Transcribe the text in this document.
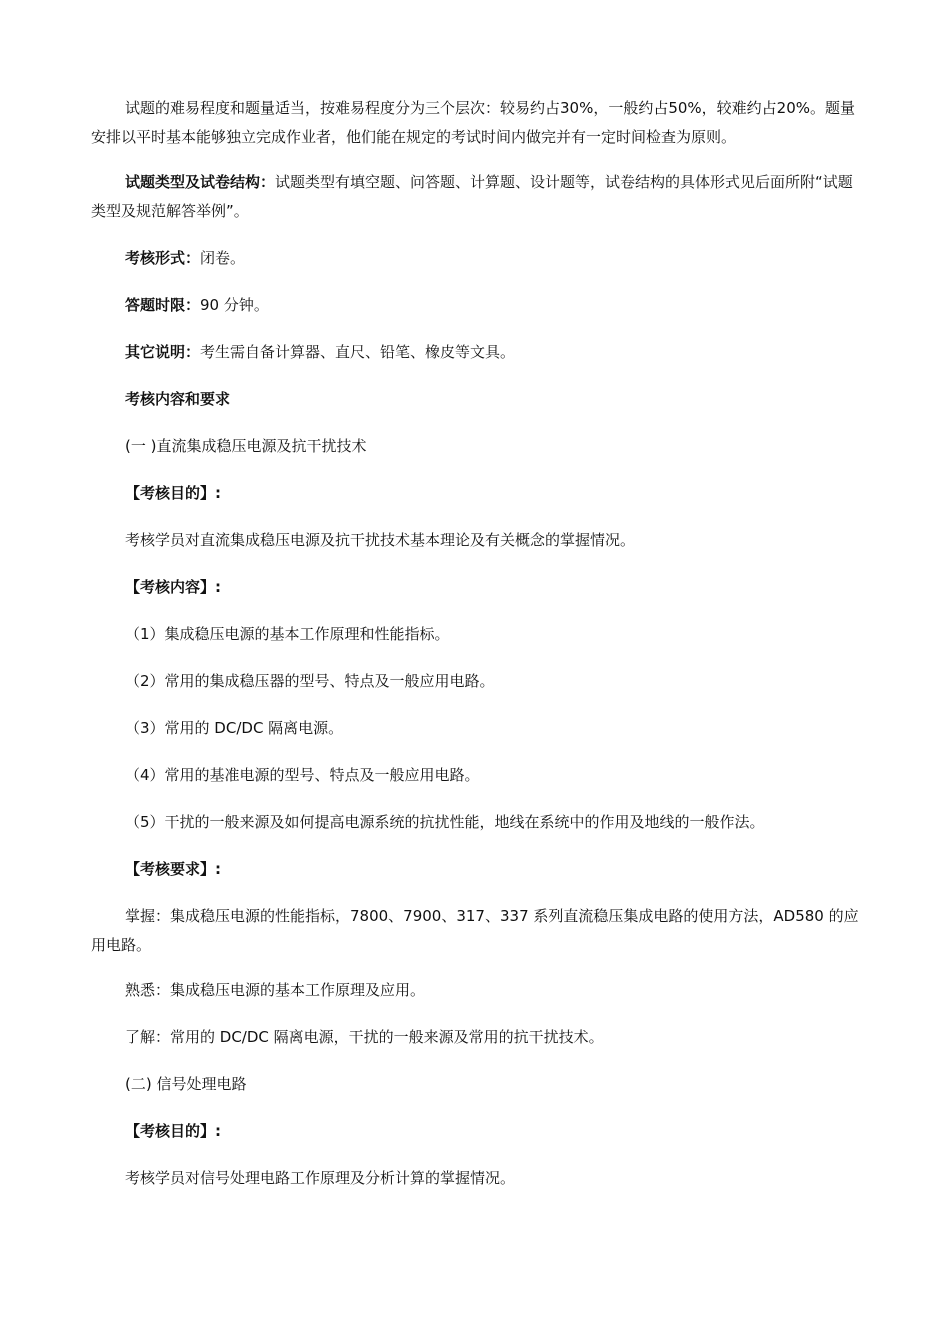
试题的难易程度和题量适当，按难易程度分为三个层次：较易约占30%，一般约占50%，较难约占20%。题量安排以平时基本能够独立完成作业者，他们能在规定的考试时间内做完并有一定时间检查为原则。

试题类型及试卷结构：试题类型有填空题、问答题、计算题、设计题等，试卷结构的具体形式见后面所附“试题类型及规范解答举例”。

考核形式：闭卷。

答题时限：90 分钟。

其它说明：考生需自备计算器、直尺、铅笔、橡皮等文具。

考核内容和要求

(一 )直流集成稳压电源及抗干扰技术

【考核目的】:

考核学员对直流集成稳压电源及抗干扰技术基本理论及有关概念的掌握情况。

【考核内容】:

（1）集成稳压电源的基本工作原理和性能指标。

（2）常用的集成稳压器的型号、特点及一般应用电路。

（3）常用的 DC/DC 隔离电源。

（4）常用的基准电源的型号、特点及一般应用电路。

（5）干扰的一般来源及如何提高电源系统的抗扰性能，地线在系统中的作用及地线的一般作法。

【考核要求】:

掌握：集成稳压电源的性能指标，7800、7900、317、337 系列直流稳压集成电路的使用方法，AD580 的应用电路。

熟悉：集成稳压电源的基本工作原理及应用。

了解：常用的 DC/DC 隔离电源，干扰的一般来源及常用的抗干扰技术。

(二) 信号处理电路

【考核目的】:

考核学员对信号处理电路工作原理及分析计算的掌握情况。
